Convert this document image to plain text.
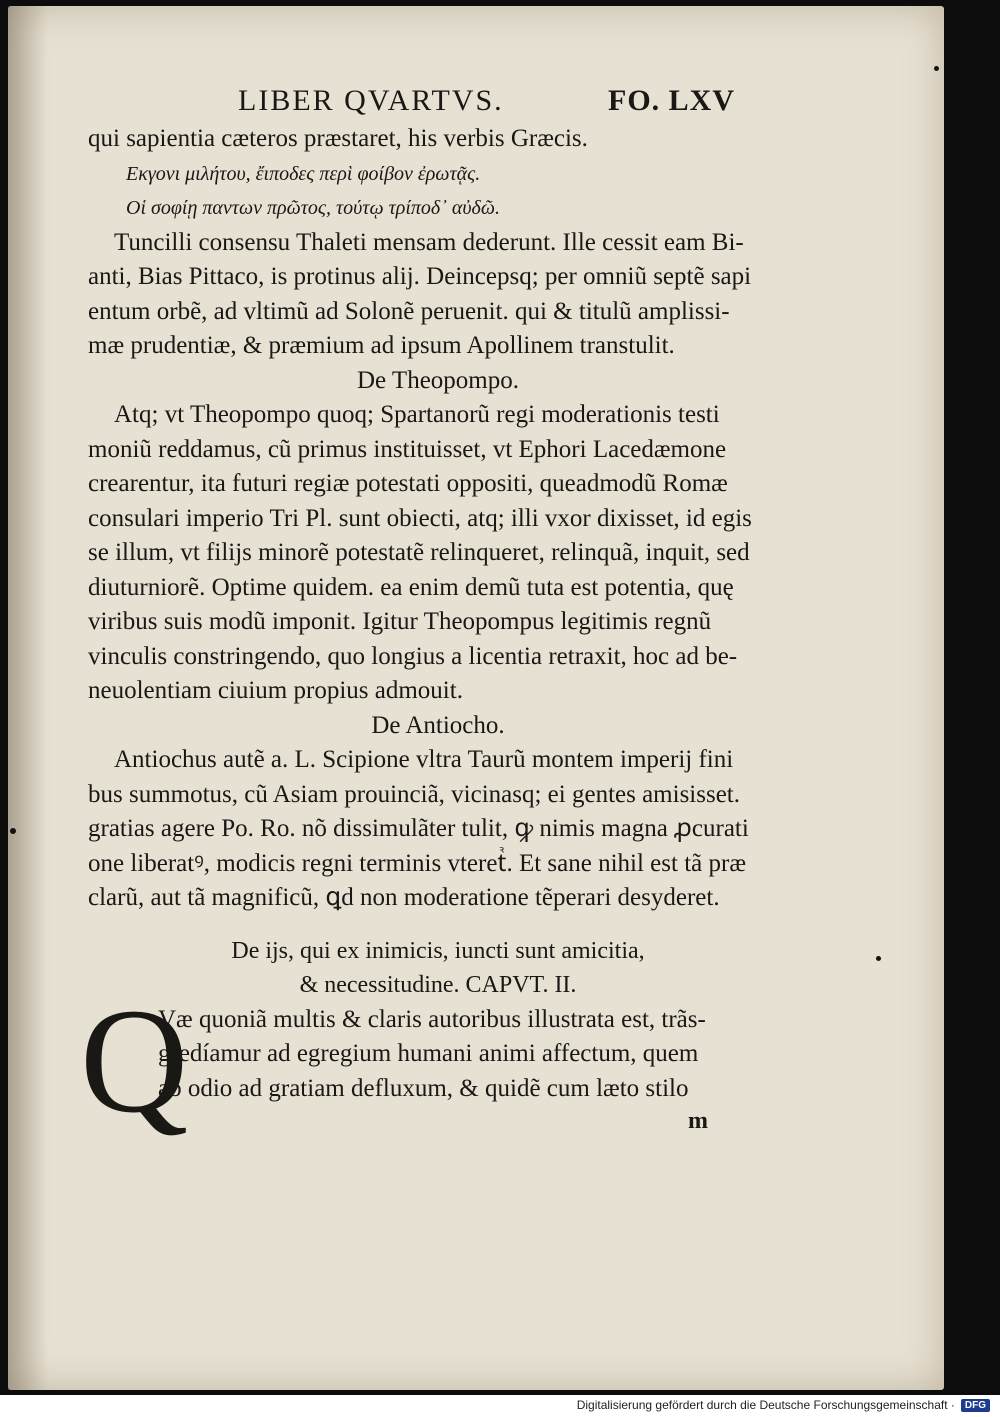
LIBER QVARTVS.	FO. LXV
qui sapientia cæteros præstaret, his verbis Græcis.
Εκγονι μιλήτου, ἔιποδες περὶ φοίβον ἐρωτᾷς.
Οἱ σοφίῃ παντων πρῶτος, τούτῳ τρίποδ᾽ αὐδῶ.
Tuncilli consensu Thaleti mensam dederunt. Ille cessit eam Bi-
anti, Bias Pittaco, is protinus alij. Deincepsq; per omniũ septẽ sapi
entum orbẽ, ad vltimũ ad Solonẽ peruenit. qui & titulũ amplissi-
mæ prudentiæ, & præmium ad ipsum Apollinem transtulit.
De Theopompo.
Atq; vt Theopompo quoq; Spartanorũ regi moderationis testi
moniũ reddamus, cũ primus instituisset, vt Ephori Lacedæmone
crearentur, ita futuri regiæ potestati oppositi, queadmodũ Romæ
consulari imperio Tri Pl. sunt obiecti, atq; illi vxor dixisset, id egis
se illum, vt filijs minorẽ potestatẽ relinqueret, relinquã, inquit, sed
diuturniorẽ. Optime quidem. ea enim demũ tuta est potentia, quę
viribus suis modũ imponit. Igitur Theopompus legitimis regnũ
vinculis constringendo, quo longius a licentia retraxit, hoc ad be-
neuolentiam ciuium propius admouit.
De Antiocho.
Antiochus autẽ a. L. Scipione vltra Taurũ montem imperij fini
bus summotus, cũ Asiam prouinciã, vicinasq; ei gentes amisisset.
gratias agere Po. Ro. nõ dissimulãter tulit, ꝙ nimis magna ꝓcurati
one liberatꝰ, modicis regni terminis vteretᷣ. Et sane nihil est tã præ
clarũ, aut tã magnificũ, ꝗd non moderatione tẽperari desyderet.
De ijs, qui ex inimicis, iuncti sunt amicitia,
& necessitudine. CAPVT. II.
Q
Væ quoniã multis & claris autoribus illustrata est, trãs-
gredíamur ad egregium humani animi affectum, quem
ab odio ad gratiam defluxum, & quidẽ cum læto stilo
m
Digitalisierung gefördert durch die Deutsche Forschungsgemeinschaft ·	DFG
